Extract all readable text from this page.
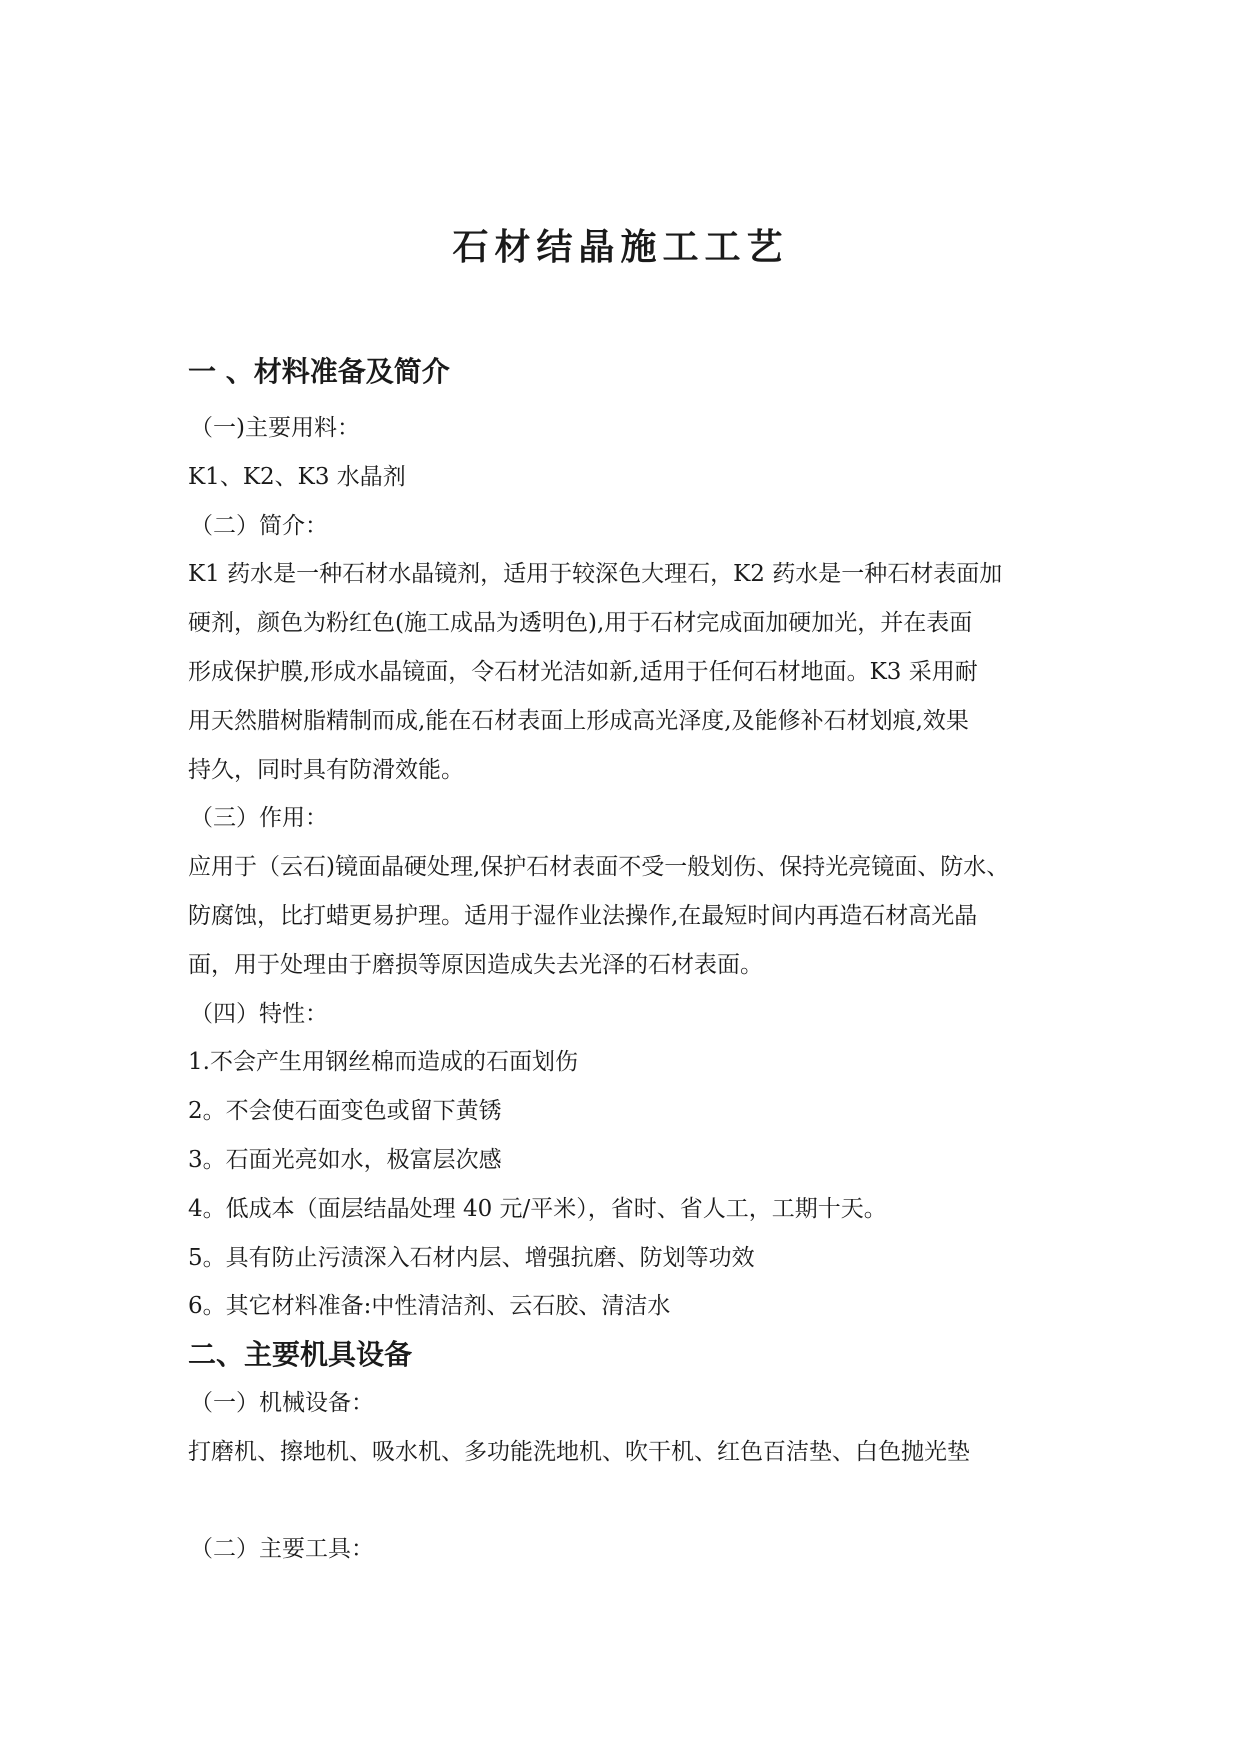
石材结晶施工工艺
一 、材料准备及简介
（一)主要用料：
K1、K2、K3 水晶剂
（二）简介：
K1 药水是一种石材水晶镜剂，适用于较深色大理石，K2 药水是一种石材表面加
硬剂，颜色为粉红色(施工成品为透明色),用于石材完成面加硬加光，并在表面
形成保护膜,形成水晶镜面，令石材光洁如新,适用于任何石材地面。K3 采用耐
用天然腊树脂精制而成,能在石材表面上形成高光泽度,及能修补石材划痕,效果
持久，同时具有防滑效能。
（三）作用：
应用于（云石)镜面晶硬处理,保护石材表面不受一般划伤、保持光亮镜面、防水、
防腐蚀，比打蜡更易护理。适用于湿作业法操作,在最短时间内再造石材高光晶
面，用于处理由于磨损等原因造成失去光泽的石材表面。
（四）特性：
1.不会产生用钢丝棉而造成的石面划伤
2。不会使石面变色或留下黄锈
3。石面光亮如水，极富层次感
4。低成本（面层结晶处理 40 元/平米），省时、省人工，工期十天。
5。具有防止污渍深入石材内层、增强抗磨、防划等功效
6。其它材料准备:中性清洁剂、云石胶、清洁水
二、主要机具设备
（一）机械设备：
打磨机、擦地机、吸水机、多功能洗地机、吹干机、红色百洁垫、白色抛光垫
（二）主要工具：
